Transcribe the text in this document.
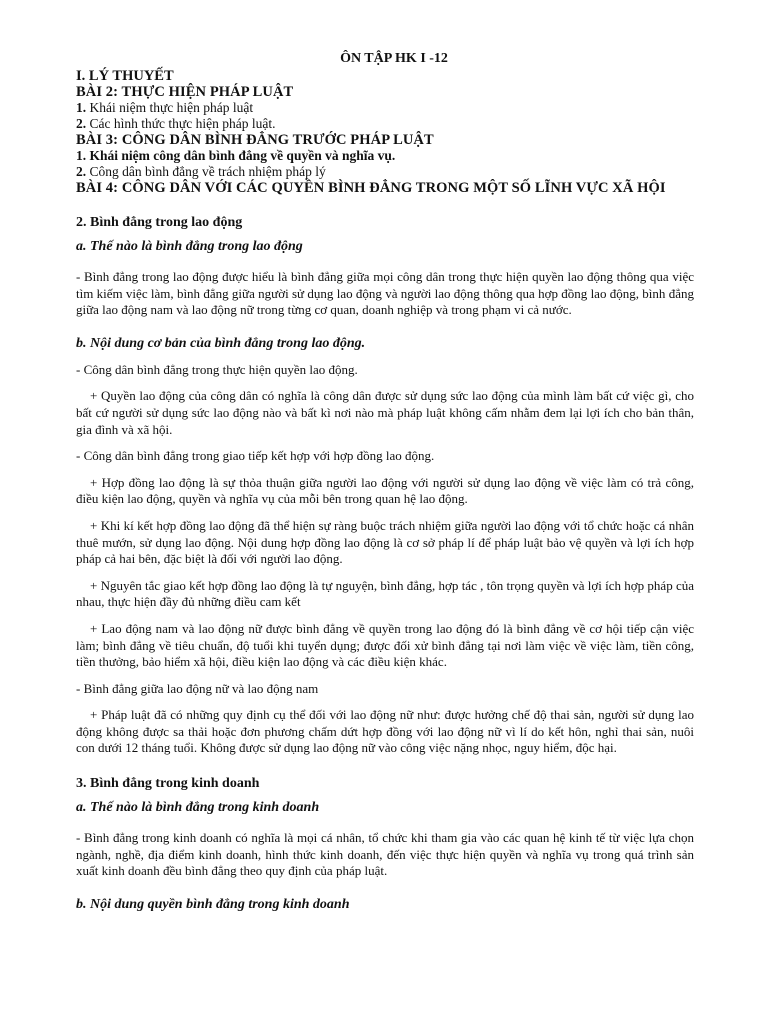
ÔN TẬP HK I -12
I. LÝ THUYẾT
BÀI 2: THỰC HIỆN PHÁP LUẬT
1. Khái niệm thực hiện pháp luật
2. Các hình thức thực hiện pháp luật.
BÀI 3: CÔNG DÂN BÌNH ĐẲNG TRƯỚC PHÁP LUẬT
1. Khái niệm công dân bình đẳng về quyền và nghĩa vụ.
2. Công dân bình đẳng về trách nhiệm pháp lý
BÀI 4: CÔNG DÂN VỚI CÁC QUYỀN BÌNH ĐẲNG TRONG MỘT SỐ LĨNH VỰC XÃ HỘI
2. Bình đẳng trong lao động
a. Thế nào là bình đẳng trong lao động
- Bình đẳng trong lao động được hiểu là bình đẳng giữa mọi công dân trong thực hiện quyền lao động thông qua việc tìm kiếm việc làm, bình đẳng giữa người sử dụng lao động và người lao động thông qua hợp đồng lao động, bình đẳng giữa lao động nam và lao động nữ trong từng cơ quan, doanh nghiệp và trong phạm vi cả nước.
b. Nội dung cơ bản của bình đẳng trong lao động.
- Công dân bình đẳng trong thực hiện quyền lao động.
+ Quyền lao động của công dân có nghĩa là công dân được sử dụng sức lao động của mình làm bất cứ việc gì, cho bất cứ người sử dụng sức lao động nào và bất kì nơi nào mà pháp luật không cấm nhằm đem lại lợi ích cho bản thân, gia đình và xã hội.
- Công dân bình đẳng trong giao tiếp kết hợp với hợp đồng lao động.
+ Hợp đồng lao động là sự thỏa thuận giữa người lao động với người sử dụng lao động về việc làm có trả công, điều kiện lao động, quyền và nghĩa vụ của mỗi bên trong quan hệ lao động.
+ Khi kí kết hợp đồng lao động đã thể hiện sự ràng buộc trách nhiệm giữa người lao động với tổ chức hoặc cá nhân thuê mướn, sử dụng lao động. Nội dung hợp đồng lao động là cơ sở pháp lí để pháp luật bảo vệ quyền và lợi ích hợp pháp cả hai bên, đặc biệt là đối với người lao động.
+ Nguyên tắc giao kết hợp đồng lao động là tự nguyện, bình đẳng, hợp tác , tôn trọng quyền và lợi ích hợp pháp của nhau, thực hiện đầy đủ những điều cam kết
+ Lao động nam và lao động nữ được bình đẳng về quyền trong lao động đó là bình đẳng về cơ hội tiếp cận việc làm; bình đẳng về tiêu chuẩn, độ tuổi khi tuyển dụng; được đối xử bình đẳng tại nơi làm việc về việc làm, tiền công, tiền thưởng, bảo hiểm xã hội, điều kiện lao động và các điều kiện khác.
- Bình đẳng giữa lao động nữ và lao động nam
+ Pháp luật đã có những quy định cụ thể đối với lao động nữ như: được hưởng chế độ thai sản, người sử dụng lao động không được sa thải hoặc đơn phương chấm dứt hợp đồng với lao động nữ vì lí do kết hôn, nghỉ thai sản, nuôi con dưới 12 tháng tuổi. Không được sử dụng lao động nữ vào công việc nặng nhọc, nguy hiểm, độc hại.
3. Bình đẳng trong kinh doanh
a. Thế nào là bình đẳng trong kinh doanh
- Bình đẳng trong kinh doanh có nghĩa là mọi cá nhân, tổ chức khi tham gia vào các quan hệ kinh tế từ việc lựa chọn ngành, nghề, địa điểm kinh doanh, hình thức kinh doanh, đến việc thực hiện quyền và nghĩa vụ trong quá trình sản xuất kinh doanh đều bình đẳng theo quy định của pháp luật.
b. Nội dung quyền bình đẳng trong kinh doanh
